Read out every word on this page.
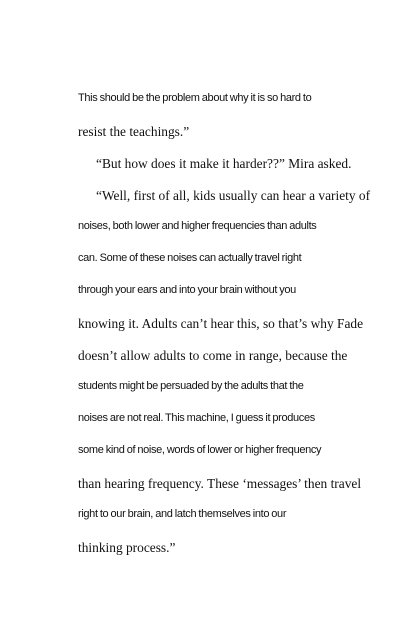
This should be the problem about why it is so hard to
resist the teachings.”
“But how does it make it harder??” Mira asked.
“Well, first of all, kids usually can hear a variety of
noises, both lower and higher frequencies than adults
can. Some of these noises can actually travel right
through your ears and into your brain without you
knowing it. Adults can’t hear this, so that’s why Fade
doesn’t allow adults to come in range, because the
students might be persuaded by the adults that the
noises are not real. This machine, I guess it produces
some kind of noise, words of lower or higher frequency
than hearing frequency. These ‘messages’ then travel
right to our brain, and latch themselves into our
thinking process.”
